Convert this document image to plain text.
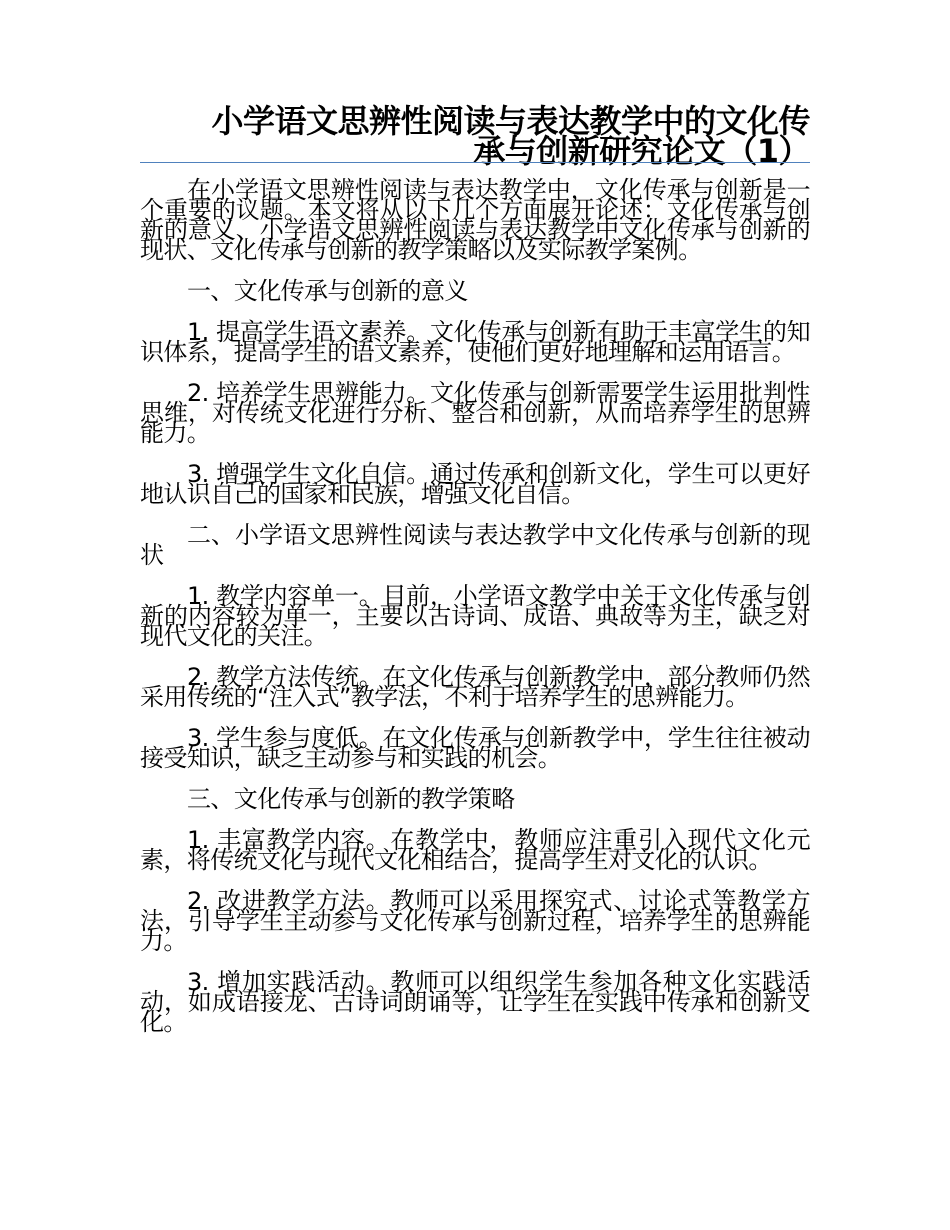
小学语文思辨性阅读与表达教学中的文化传承与创新研究论文（1）

在小学语文思辨性阅读与表达教学中，文化传承与创新是一个重要的议题。本文将从以下几个方面展开论述：文化传承与创新的意义、小学语文思辨性阅读与表达教学中文化传承与创新的现状、文化传承与创新的教学策略以及实际教学案例。

一、文化传承与创新的意义

1. 提高学生语文素养。文化传承与创新有助于丰富学生的知识体系，提高学生的语文素养，使他们更好地理解和运用语言。

2. 培养学生思辨能力。文化传承与创新需要学生运用批判性思维，对传统文化进行分析、整合和创新，从而培养学生的思辨能力。

3. 增强学生文化自信。通过传承和创新文化，学生可以更好地认识自己的国家和民族，增强文化自信。

二、小学语文思辨性阅读与表达教学中文化传承与创新的现状

1. 教学内容单一。目前，小学语文教学中关于文化传承与创新的内容较为单一，主要以古诗词、成语、典故等为主，缺乏对现代文化的关注。

2. 教学方法传统。在文化传承与创新教学中，部分教师仍然采用传统的“注入式”教学法，不利于培养学生的思辨能力。

3. 学生参与度低。在文化传承与创新教学中，学生往往被动接受知识，缺乏主动参与和实践的机会。

三、文化传承与创新的教学策略

1. 丰富教学内容。在教学中，教师应注重引入现代文化元素，将传统文化与现代文化相结合，提高学生对文化的认识。

2. 改进教学方法。教师可以采用探究式、讨论式等教学方法，引导学生主动参与文化传承与创新过程，培养学生的思辨能力。

3. 增加实践活动。教师可以组织学生参加各种文化实践活动，如成语接龙、古诗词朗诵等，让学生在实践中传承和创新文化。
